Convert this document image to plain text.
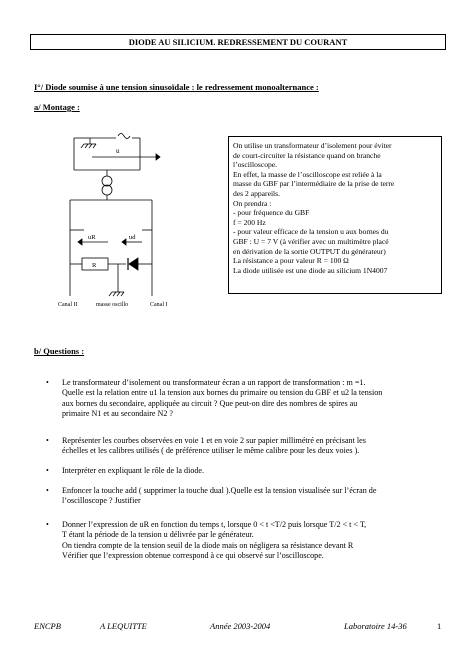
DIODE AU SILICIUM. REDRESSEMENT DU COURANT
I°/ Diode soumise à une tension sinusoïdale : le redressement monoalternance :
a/ Montage :
u
uR	ud
R
Canal II	masse oscillo	Canal I
On utilise un transformateur d’isolement pour éviter
de court-circuiter la résistance quand on branche
l’oscilloscope.
En effet, la masse de l’oscilloscope est reliée à la
masse du GBF par l’intermédiaire de la prise de terre
des 2 appareils.
On prendra :
- pour fréquence du GBF
f = 200 Hz
- pour valeur efficace de la tension u aux bornes du
GBF : U = 7 V (à vérifier avec un multimètre placé
en dérivation de la sortie OUTPUT du générateur)
La résistance a pour valeur R = 100 Ω
La diode utilisée est une diode au silicium 1N4007
b/ Questions :
• Le transformateur d’isolement ou transformateur écran a un rapport de transformation : m =1.
Quelle est la relation entre u1 la tension aux bornes du primaire ou tension du GBF et u2 la tension
aux bornes du secondaire, appliquée au circuit ? Que peut-on dire des nombres de spires au
primaire N1 et au secondaire N2 ?
• Représenter les courbes observées en voie 1 et en voie 2 sur papier millimétré en précisant les
échelles et les calibres utilisés ( de préférence utiliser le même calibre pour les deux voies ).
• Interpréter en expliquant le rôle de la diode.
• Enfoncer la touche add ( supprimer la touche dual ).Quelle est la tension visualisée sur l’écran de
l’oscilloscope ? Justifier
• Donner l’expression de uR en fonction du temps t, lorsque 0 < t <T/2 puis lorsque T/2 < t < T,
T étant la période de la tension u délivrée par le générateur.
On tiendra compte de la tension seuil de la diode mais on négligera sa résistance devant R
Vérifier que l’expression obtenue correspond à ce qui observé sur l’oscilloscope.
ENCPB	A LEQUITTE	Année 2003-2004	Laboratoire 14-36	1
